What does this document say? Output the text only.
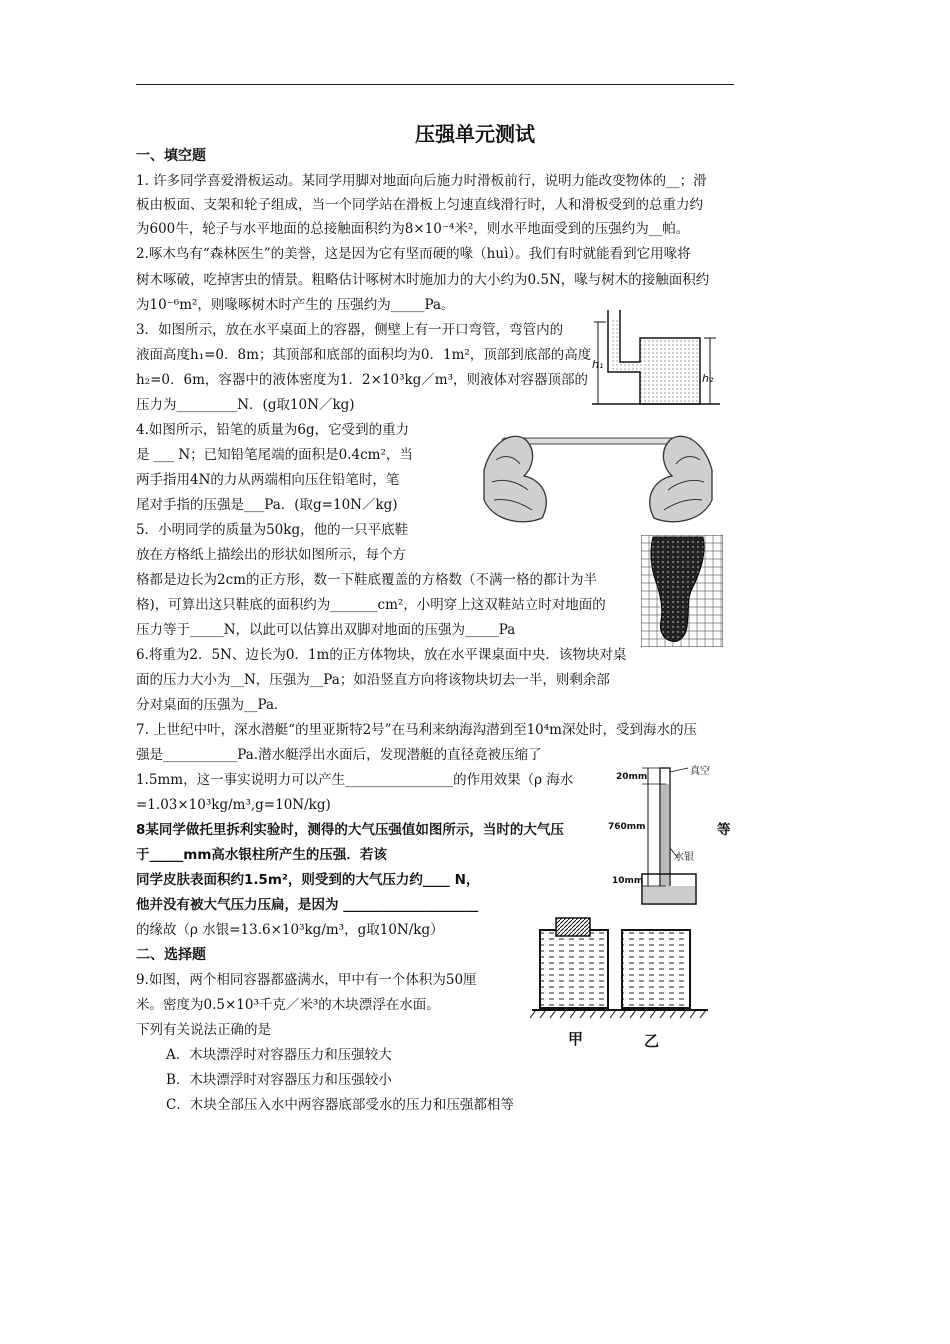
压强单元测试
一、填空题
1. 许多同学喜爱滑板运动。某同学用脚对地面向后施力时滑板前行，说明力能改变物体的__；滑
板由板面、支架和轮子组成，当一个同学站在滑板上匀速直线滑行时，人和滑板受到的总重力约
为600牛，轮子与水平地面的总接触面积约为8×10⁻⁴米²，则水平地面受到的压强约为__帕。
2.啄木鸟有“森林医生”的美誉，这是因为它有坚而硬的喙（huì）。我们有时就能看到它用喙将
树木啄破，吃掉害虫的情景。粗略估计啄树木时施加力的大小约为0.5N，喙与树木的接触面积约
为10⁻⁶m²，则喙啄树木时产生的 压强约为_____Pa。
3．如图所示，放在水平桌面上的容器，侧壁上有一开口弯管，弯管内的
液面高度h₁=0．8m；其顶部和底部的面积均为0．1m²，顶部到底部的高度
h₂=0．6m，容器中的液体密度为1．2×10³kg／m³，则液体对容器顶部的
压力为_________N．(g取10N／kg)
4.如图所示，铅笔的质量为6g，它受到的重力
是 ___ N；已知铅笔尾端的面积是0.4cm²，当
两手指用4N的力从两端相向压住铅笔时，笔
尾对手指的压强是___Pa．(取g=10N／kg)
5．小明同学的质量为50kg，他的一只平底鞋
放在方格纸上描绘出的形状如图所示，每个方
格都是边长为2cm的正方形，数一下鞋底覆盖的方格数（不满一格的都计为半
格)，可算出这只鞋底的面积约为_______cm²，小明穿上这双鞋站立时对地面的
压力等于_____N，以此可以估算出双脚对地面的压强为_____Pa
6.将重为2．5N、边长为0．1m的正方体物块，放在水平课桌面中央．该物块对桌
面的压力大小为__N，压强为__Pa；如沿竖直方向将该物块切去一半，则剩余部
分对桌面的压强为__Pa．
7. 上世纪中叶，深水潜艇“的里亚斯特2号”在马利来纳海沟潜到至10⁴m深处时，受到海水的压
强是___________Pa.潜水艇浮出水面后，发现潜艇的直径竟被压缩了
1.5mm，这一事实说明力可以产生________________的作用效果（ρ 海水
=1.03×10³kg/m³,g=10N/kg)
8某同学做托里拆利实验时，测得的大气压强值如图所示，当时的大气压	等
于_____mm高水银柱所产生的压强．若该
同学皮肤表面积约1.5m²，则受到的大气压力约____ N，
他并没有被大气压力压扁，是因为 ____________________
的缘故（ρ 水银=13.6×10³kg/m³，g取10N/kg）
二、选择题
9.如图，两个相同容器都盛满水，甲中有一个体积为50厘
米。密度为0.5×10³千克／米³的木块漂浮在水面。
下列有关说法正确的是
A．木块漂浮时对容器压力和压强较大
B．木块漂浮时对容器压力和压强较小
C．木块全部压入水中两容器底部受水的压力和压强都相等
h₁
h₂
20mm	真空
760mm
水银
10mm
甲	乙
